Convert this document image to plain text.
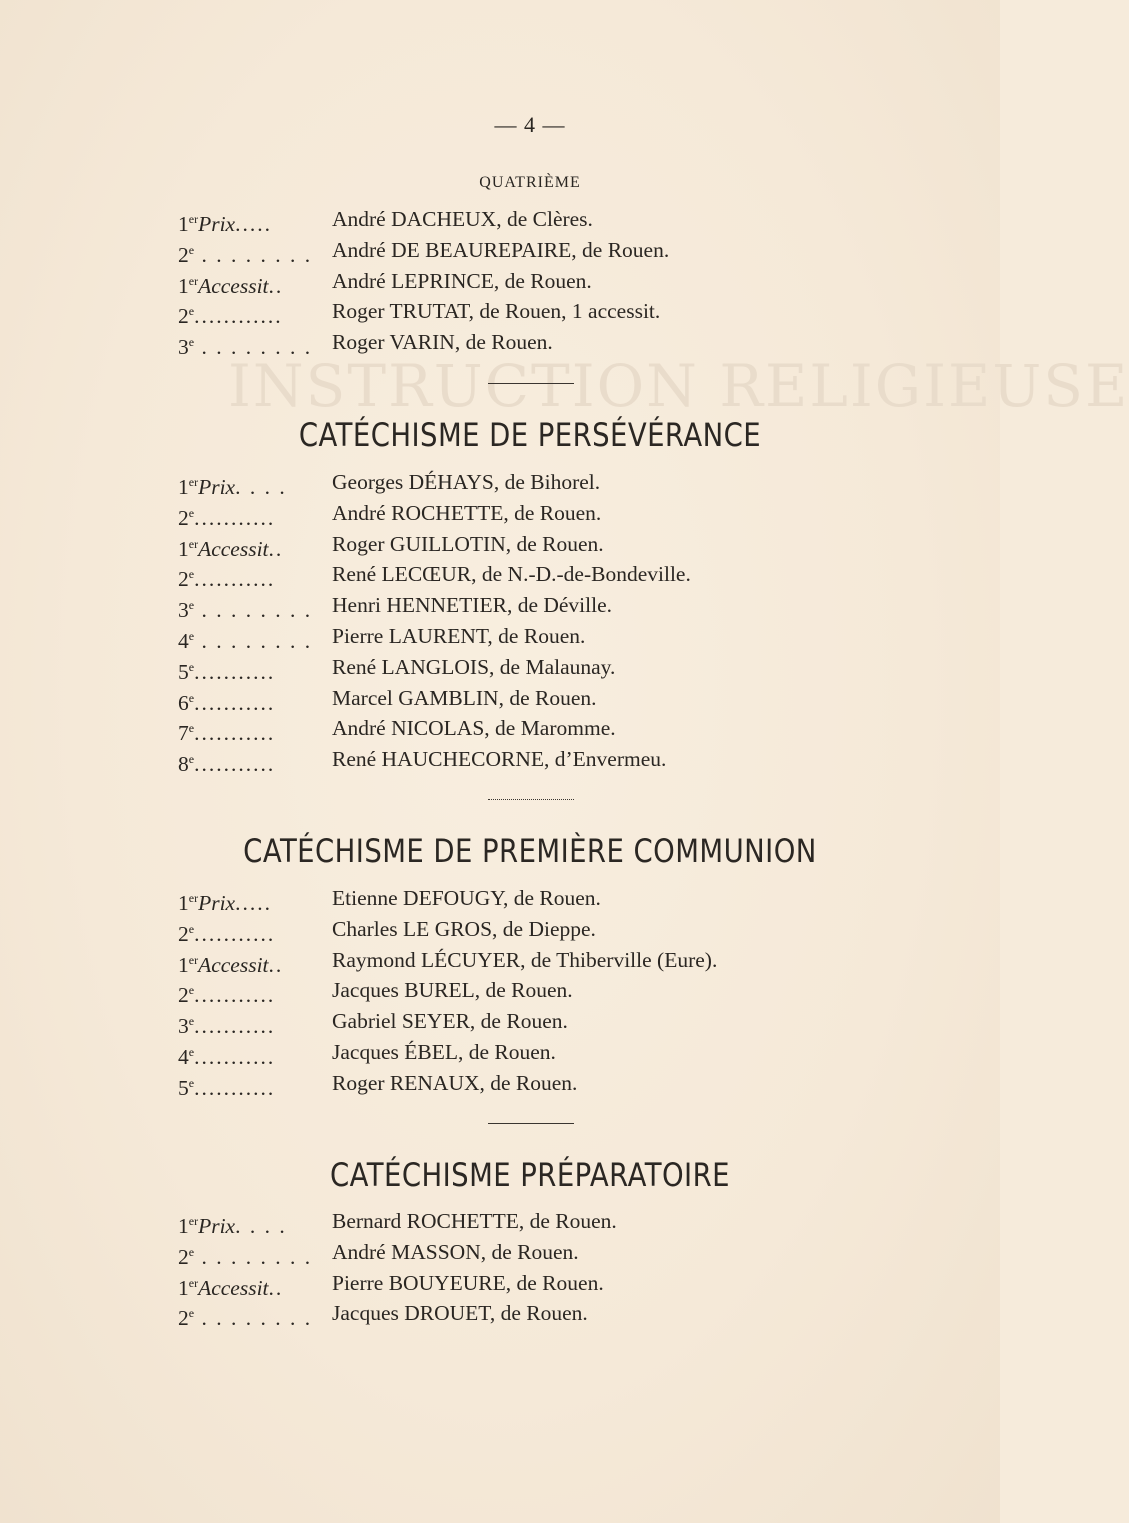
INSTRUCTION RELIGIEUSE
— 4 —
QUATRIÈME
1erPrix.....	André DACHEUX, de Clères.
2e . . . . . . . . André DE BEAUREPAIRE, de Rouen.
1erAccessit..	André LEPRINCE, de Rouen.
2e............	Roger TRUTAT, de Rouen, 1 accessit.
3e . . . . . . . . Roger VARIN, de Rouen.
CATÉCHISME DE PERSÉVÉRANCE
1erPrix. . . .	Georges DÉHAYS, de Bihorel.
2e...........	André ROCHETTE, de Rouen.
1erAccessit..	Roger GUILLOTIN, de Rouen.
2e...........	René LECŒUR, de N.-D.-de-Bondeville.
3e . . . . . . . . Henri HENNETIER, de Déville.
4e . . . . . . . . Pierre LAURENT, de Rouen.
5e...........	René LANGLOIS, de Malaunay.
6e...........	Marcel GAMBLIN, de Rouen.
7e...........	André NICOLAS, de Maromme.
8e...........	René HAUCHECORNE, d’Envermeu.
CATÉCHISME DE PREMIÈRE COMMUNION
1erPrix.....	Etienne DEFOUGY, de Rouen.
2e...........	Charles LE GROS, de Dieppe.
1erAccessit..	Raymond LÉCUYER, de Thiberville (Eure).
2e...........	Jacques BUREL, de Rouen.
3e...........	Gabriel SEYER, de Rouen.
4e...........	Jacques ÉBEL, de Rouen.
5e...........	Roger RENAUX, de Rouen.
CATÉCHISME PRÉPARATOIRE
1erPrix. . . .	Bernard ROCHETTE, de Rouen.
2e . . . . . . . . André MASSON, de Rouen.
1erAccessit..	Pierre BOUYEURE, de Rouen.
2e . . . . . . . . Jacques DROUET, de Rouen.
